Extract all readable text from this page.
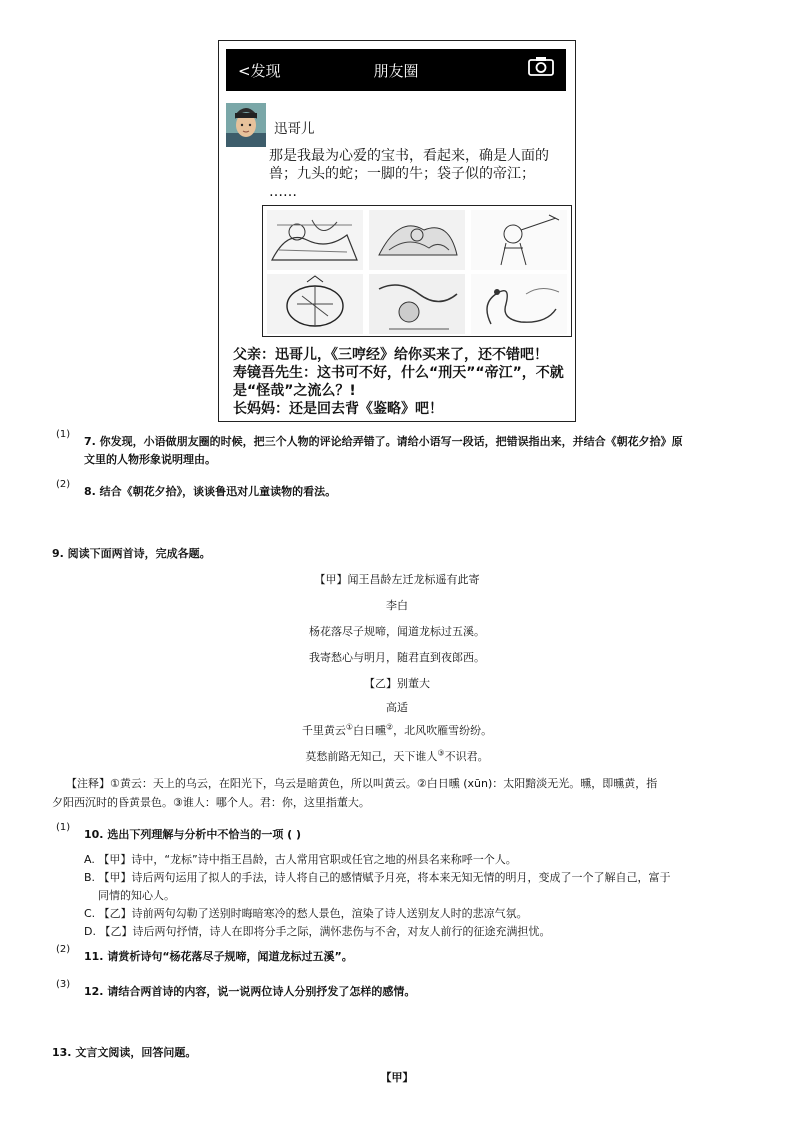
<发现	朋友圈
迅哥儿
那是我最为心爱的宝书，看起来，确是人面的
兽；九头的蛇；一脚的牛；袋子似的帝江；
……
父亲：迅哥儿，《三哼经》给你买来了，还不错吧！
寿镜吾先生：这书可不好，什么“刑天”“帝江”，不就
是“怪哉”之流么？!
长妈妈：还是回去背《鉴略》吧！
(1)
7. 你发现，小语做朋友圈的时候，把三个人物的评论给弄错了。请给小语写一段话，把错误指出来，并结合《朝花夕拾》原
文里的人物形象说明理由。
(2)
8. 结合《朝花夕拾》，谈谈鲁迅对儿童读物的看法。
9. 阅读下面两首诗，完成各题。
【甲】闻王昌龄左迁龙标遥有此寄
李白
杨花落尽子规啼，闻道龙标过五溪。
我寄愁心与明月，随君直到夜郎西。
【乙】别董大
高适
千里黄云①白日曛②，北风吹雁雪纷纷。
莫愁前路无知己，天下谁人③不识君。
【注释】①黄云：天上的乌云，在阳光下，乌云是暗黄色，所以叫黄云。②白日曛 (xūn)：太阳黯淡无光。曛，即曛黄，指
夕阳西沉时的昏黄景色。③谁人：哪个人。君：你，这里指董大。
(1)
10. 选出下列理解与分析中不恰当的一项 ( )
A. 【甲】诗中，“龙标”诗中指王昌龄，古人常用官职或任官之地的州县名来称呼一个人。
B. 【甲】诗后两句运用了拟人的手法，诗人将自己的感情赋予月亮，将本来无知无情的明月，变成了一个了解自己，富于
同情的知心人。
C. 【乙】诗前两句勾勒了送别时晦暗寒冷的愁人景色，渲染了诗人送别友人时的悲凉气氛。
D. 【乙】诗后两句抒情，诗人在即将分手之际，满怀悲伤与不舍，对友人前行的征途充满担忧。
(2)
11. 请赏析诗句“杨花落尽子规啼，闻道龙标过五溪”。
(3)
12. 请结合两首诗的内容，说一说两位诗人分别抒发了怎样的感情。
13. 文言文阅读，回答问题。
【甲】
